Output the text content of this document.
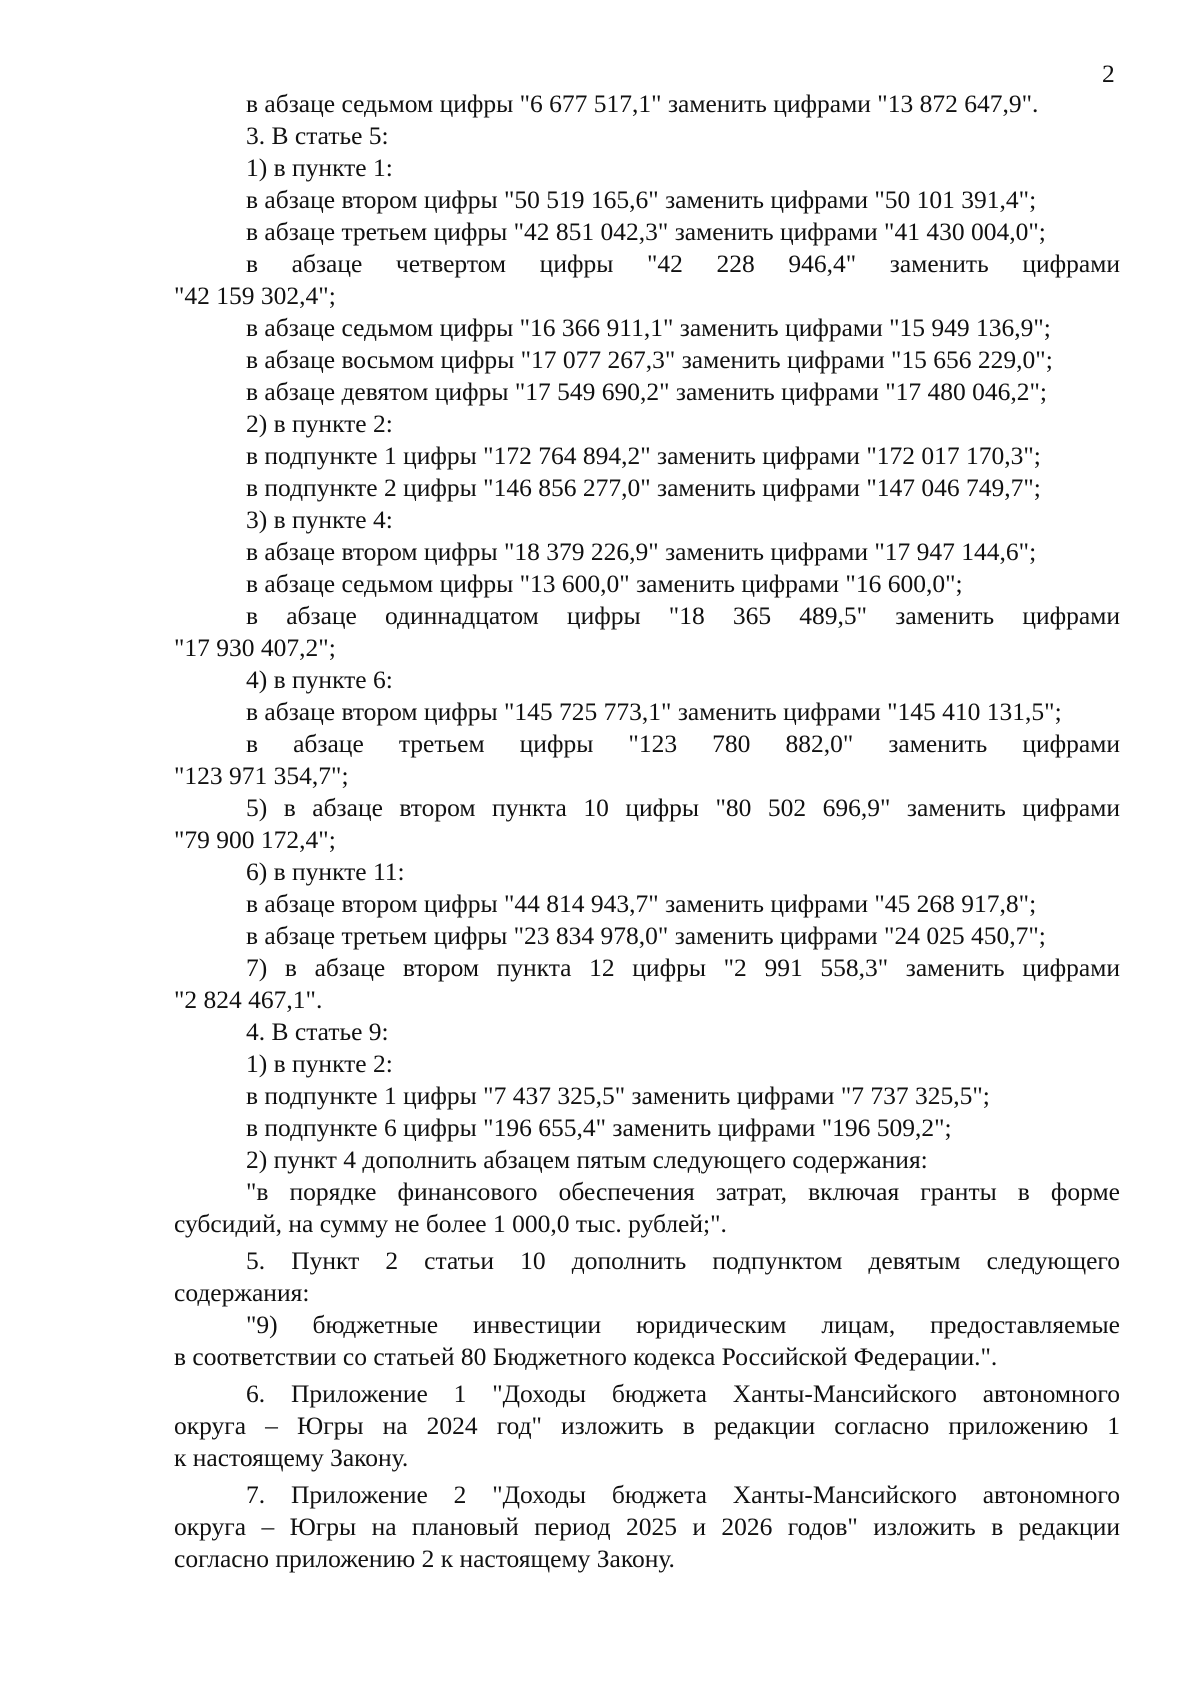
2
в абзаце седьмом цифры "6 677 517,1" заменить цифрами "13 872 647,9".
3. В статье 5:
1) в пункте 1:
в абзаце втором цифры "50 519 165,6" заменить цифрами "50 101 391,4";
в абзаце третьем цифры "42 851 042,3" заменить цифрами "41 430 004,0";
в абзаце четвертом цифры "42 228 946,4" заменить цифрами
"42 159 302,4";
в абзаце седьмом цифры "16 366 911,1" заменить цифрами "15 949 136,9";
в абзаце восьмом цифры "17 077 267,3" заменить цифрами "15 656 229,0";
в абзаце девятом цифры "17 549 690,2" заменить цифрами "17 480 046,2";
2) в пункте 2:
в подпункте 1 цифры "172 764 894,2" заменить цифрами "172 017 170,3";
в подпункте 2 цифры "146 856 277,0" заменить цифрами "147 046 749,7";
3) в пункте 4:
в абзаце втором цифры "18 379 226,9" заменить цифрами "17 947 144,6";
в абзаце седьмом цифры "13 600,0" заменить цифрами "16 600,0";
в абзаце одиннадцатом цифры "18 365 489,5" заменить цифрами
"17 930 407,2";
4) в пункте 6:
в абзаце втором цифры "145 725 773,1" заменить цифрами "145 410 131,5";
в абзаце третьем цифры "123 780 882,0" заменить цифрами
"123 971 354,7";
5) в абзаце втором пункта 10 цифры "80 502 696,9" заменить цифрами
"79 900 172,4";
6) в пункте 11:
в абзаце втором цифры "44 814 943,7" заменить цифрами "45 268 917,8";
в абзаце третьем цифры "23 834 978,0" заменить цифрами "24 025 450,7";
7) в абзаце втором пункта 12 цифры "2 991 558,3" заменить цифрами
"2 824 467,1".
4. В статье 9:
1) в пункте 2:
в подпункте 1 цифры "7 437 325,5" заменить цифрами "7 737 325,5";
в подпункте 6 цифры "196 655,4" заменить цифрами "196 509,2";
2) пункт 4 дополнить абзацем пятым следующего содержания:
"в порядке финансового обеспечения затрат, включая гранты в форме
субсидий, на сумму не более 1 000,0 тыс. рублей;".
5. Пункт 2 статьи 10 дополнить подпунктом девятым следующего
содержания:
"9) бюджетные инвестиции юридическим лицам, предоставляемые
в соответствии со статьей 80 Бюджетного кодекса Российской Федерации.".
6. Приложение 1 "Доходы бюджета Ханты-Мансийского автономного
округа – Югры на 2024 год" изложить в редакции согласно приложению 1
к настоящему Закону.
7. Приложение 2 "Доходы бюджета Ханты-Мансийского автономного
округа – Югры на плановый период 2025 и 2026 годов" изложить в редакции
согласно приложению 2 к настоящему Закону.
